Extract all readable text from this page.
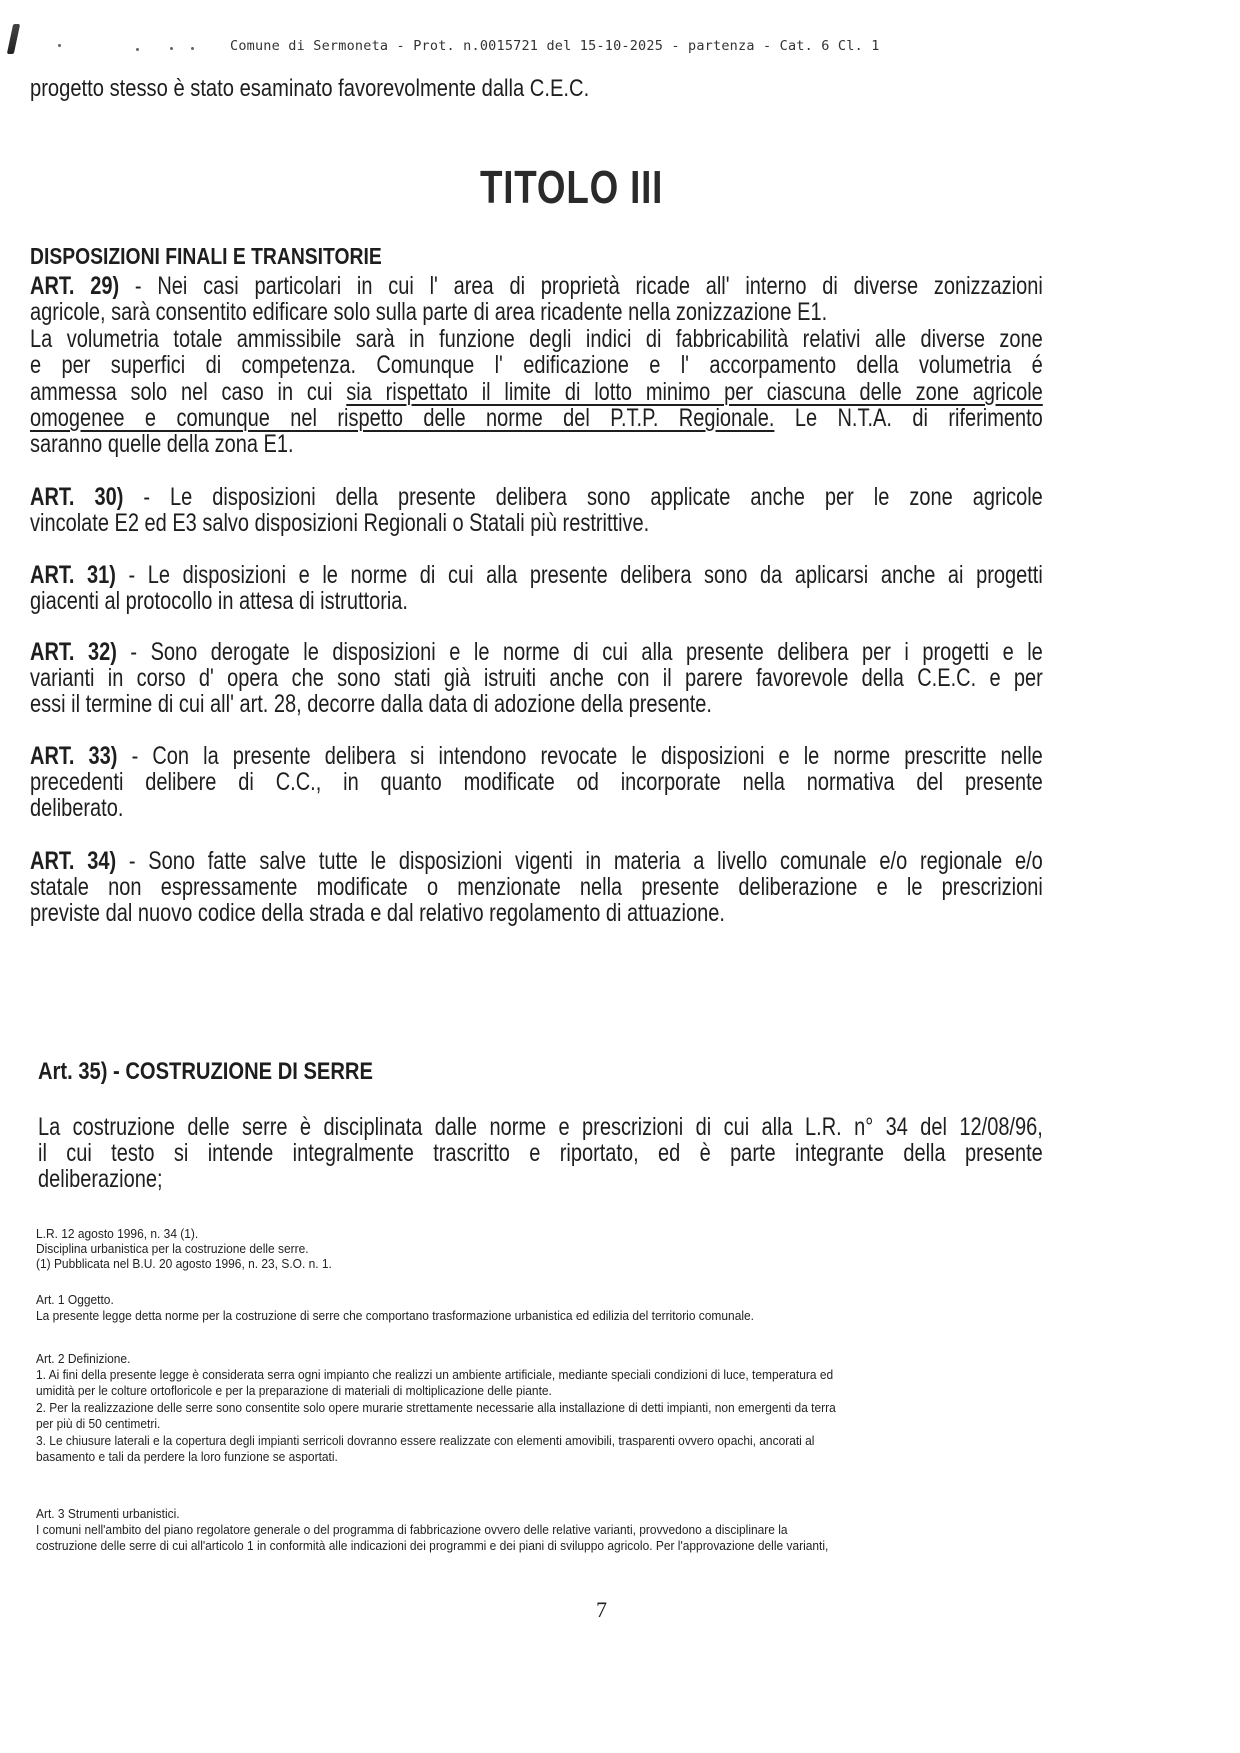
Comune di Sermoneta - Prot. n.0015721 del 15-10-2025 - partenza - Cat. 6 Cl. 1
progetto stesso è stato esaminato favorevolmente dalla C.E.C.
TITOLO III
DISPOSIZIONI FINALI E TRANSITORIE
ART. 29) - Nei casi particolari in cui l' area di proprietà ricade all' interno di diverse zonizzazioni
agricole, sarà consentito edificare solo sulla parte di area ricadente nella zonizzazione E1.
La volumetria totale ammissibile sarà in funzione degli indici di fabbricabilità relativi alle diverse zone
e per superfici di competenza. Comunque l' edificazione e l' accorpamento della volumetria é
ammessa solo nel caso in cui sia rispettato il limite di lotto minimo per ciascuna delle zone agricole
omogenee e comunque nel rispetto delle norme del P.T.P. Regionale. Le N.T.A. di riferimento
saranno quelle della zona E1.
ART. 30) - Le disposizioni della presente delibera sono applicate anche per le zone agricole
vincolate E2 ed E3 salvo disposizioni Regionali o Statali più restrittive.
ART. 31) - Le disposizioni e le norme di cui alla presente delibera sono da aplicarsi anche ai progetti
giacenti al protocollo in attesa di istruttoria.
ART. 32) - Sono derogate le disposizioni e le norme di cui alla presente delibera per i progetti e le
varianti in corso d' opera che sono stati già istruiti anche con il parere favorevole della C.E.C. e per
essi il termine di cui all' art. 28, decorre dalla data di adozione della presente.
ART. 33) - Con la presente delibera si intendono revocate le disposizioni e le norme prescritte nelle
precedenti delibere di C.C., in quanto modificate od incorporate nella normativa del presente
deliberato.
ART. 34) - Sono fatte salve tutte le disposizioni vigenti in materia a livello comunale e/o regionale e/o
statale non espressamente modificate o menzionate nella presente deliberazione e le prescrizioni
previste dal nuovo codice della strada e dal relativo regolamento di attuazione.
Art. 35) - COSTRUZIONE DI SERRE
La costruzione delle serre è disciplinata dalle norme e prescrizioni di cui alla L.R. n° 34 del 12/08/96,
il cui testo si intende integralmente trascritto e riportato, ed è parte integrante della presente
deliberazione;
L.R. 12 agosto 1996, n. 34 (1).
Disciplina urbanistica per la costruzione delle serre.
(1) Pubblicata nel B.U. 20 agosto 1996, n. 23, S.O. n. 1.
Art. 1 Oggetto.
La presente legge detta norme per la costruzione di serre che comportano trasformazione urbanistica ed edilizia del territorio comunale.
Art. 2 Definizione.
1. Ai fini della presente legge è considerata serra ogni impianto che realizzi un ambiente artificiale, mediante speciali condizioni di luce, temperatura ed
umidità per le colture ortofloricole e per la preparazione di materiali di moltiplicazione delle piante.
2. Per la realizzazione delle serre sono consentite solo opere murarie strettamente necessarie alla installazione di detti impianti, non emergenti da terra
per più di 50 centimetri.
3. Le chiusure laterali e la copertura degli impianti serricoli dovranno essere realizzate con elementi amovibili, trasparenti ovvero opachi, ancorati al
basamento e tali da perdere la loro funzione se asportati.
Art. 3 Strumenti urbanistici.
I comuni nell'ambito del piano regolatore generale o del programma di fabbricazione ovvero delle relative varianti, provvedono a disciplinare la
costruzione delle serre di cui all'articolo 1 in conformità alle indicazioni dei programmi e dei piani di sviluppo agricolo. Per l'approvazione delle varianti,
7
